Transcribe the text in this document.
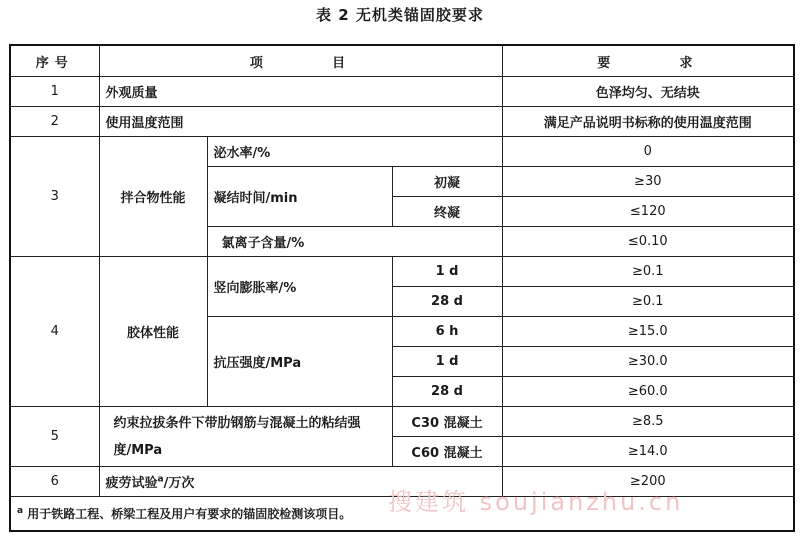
表 2 无机类锚固胶要求
序号	项      目			要      求
1	外观质量			色泽均匀、无结块
2	使用温度范围			满足产品说明书标称的使用温度范围
3	拌合物性能	泌水率/%		0
		凝结时间/min	初凝	≥30
			终凝	≤120
		氯离子含量/%		≤0.10
4	胶体性能	竖向膨胀率/%	1 d	≥0.1
			28 d	≥0.1
		抗压强度/MPa	6 h	≥15.0
			1 d	≥30.0
			28 d	≥60.0
5	约束拉拔条件下带肋钢筋与混凝土的粘结强度/MPa		C30 混凝土	≥8.5
			C60 混凝土	≥14.0
6	疲劳试验$^a$/万次			≥200
$^a$ 用于铁路工程、桥梁工程及用户有要求的锚固胶检测该项目。				搜建筑 soujianzhu.cn
